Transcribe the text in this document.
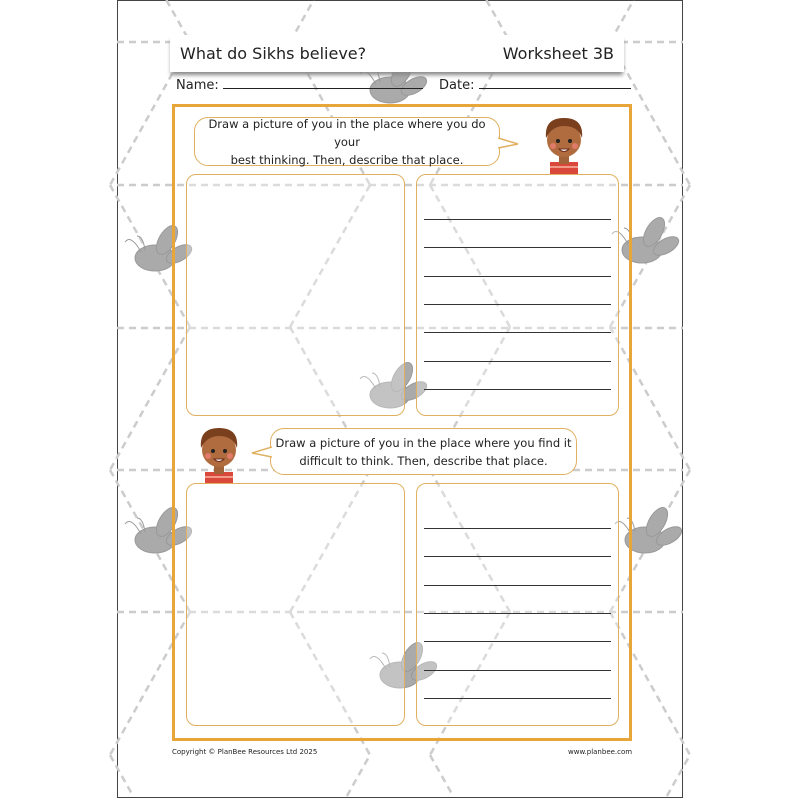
What do Sikhs believe?	Worksheet 3B
Name:	Date:
Draw a picture of you in the place where you do your
best thinking. Then, describe that place.
Draw a picture of you in the place where you find it
difficult to think. Then, describe that place.
Copyright © PlanBee Resources Ltd 2025	www.planbee.com
